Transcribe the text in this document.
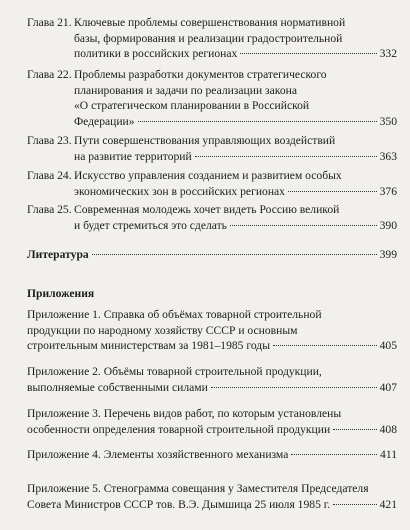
Глава 21. Ключевые проблемы совершенствования нормативной
базы, формирования и реализации градостроительной
политики в российских регионах	332
Глава 22. Проблемы разработки документов стратегического
планирования и задачи по реализации закона
«О стратегическом планировании в Российской
Федерации»	350
Глава 23. Пути совершенствования управляющих воздействий
на развитие территорий	363
Глава 24. Искусство управления созданием и развитием особых
экономических зон в российских регионах	376
Глава 25. Современная молодежь хочет видеть Россию великой
и будет стремиться это сделать	390
Литература	399
Приложения
Приложение 1. Справка об объёмах товарной строительной
продукции по народному хозяйству СССР и основным
строительным министерствам за 1981–1985 годы	405
Приложение 2. Объёмы товарной строительной продукции,
выполняемые собственными силами	407
Приложение 3. Перечень видов работ, по которым установлены
особенности определения товарной строительной продукции	408
Приложение 4. Элементы хозяйственного механизма	411
Приложение 5. Стенограмма совещания у Заместителя Председателя
Совета Министров СССР тов. В.Э. Дымшица 25 июля 1985 г.	421
